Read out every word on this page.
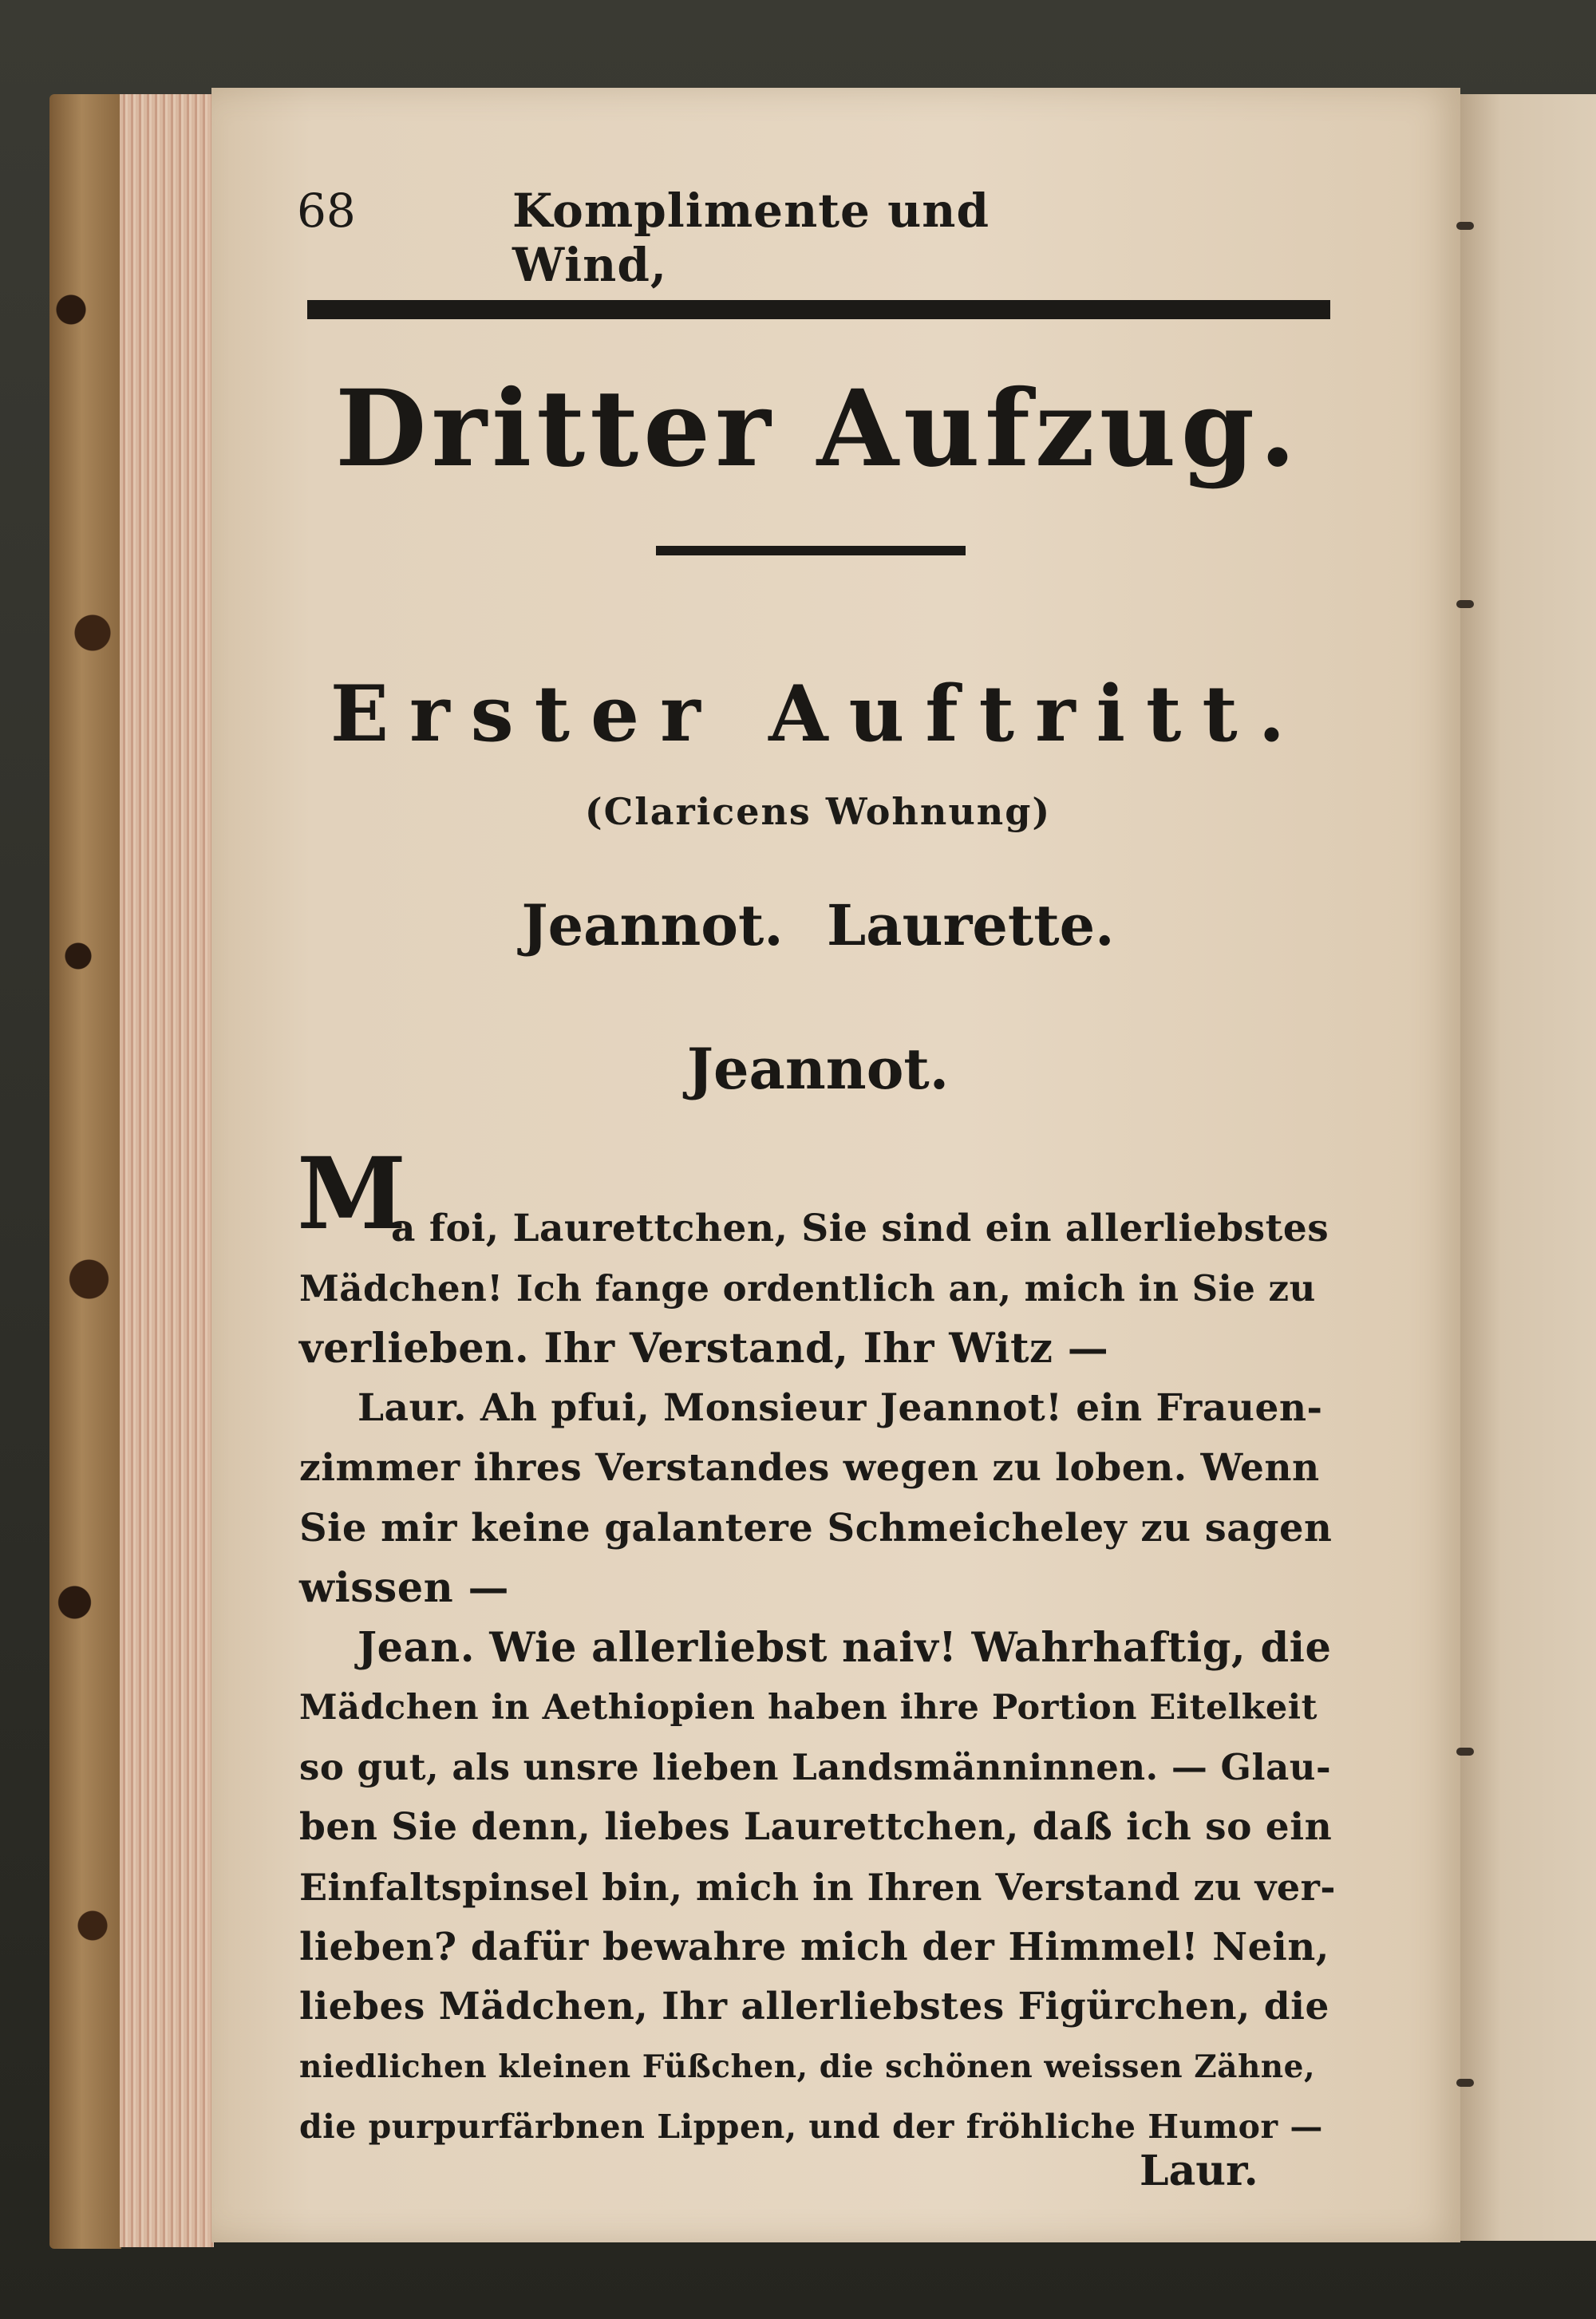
68	Komplimente und Wind,
Dritter Aufzug.
Erster Auftritt.
(Claricens Wohnung)
Jeannot. Laurette.
Jeannot.
M
a foi, Laurettchen, Sie sind ein allerliebstes
Mädchen! Ich fange ordentlich an, mich in Sie zu
verlieben. Ihr Verstand, Ihr Witz —
Laur. Ah pfui, Monsieur Jeannot! ein Frauen-
zimmer ihres Verstandes wegen zu loben. Wenn
Sie mir keine galantere Schmeicheley zu sagen
wissen —
Jean. Wie allerliebst naiv! Wahrhaftig, die
Mädchen in Aethiopien haben ihre Portion Eitelkeit
so gut, als unsre lieben Landsmänninnen. — Glau-
ben Sie denn, liebes Laurettchen, daß ich so ein
Einfaltspinsel bin, mich in Ihren Verstand zu ver-
lieben? dafür bewahre mich der Himmel! Nein,
liebes Mädchen, Ihr allerliebstes Figürchen, die
niedlichen kleinen Füßchen, die schönen weissen Zähne,
die purpurfärbnen Lippen, und der fröhliche Humor —
Laur.
